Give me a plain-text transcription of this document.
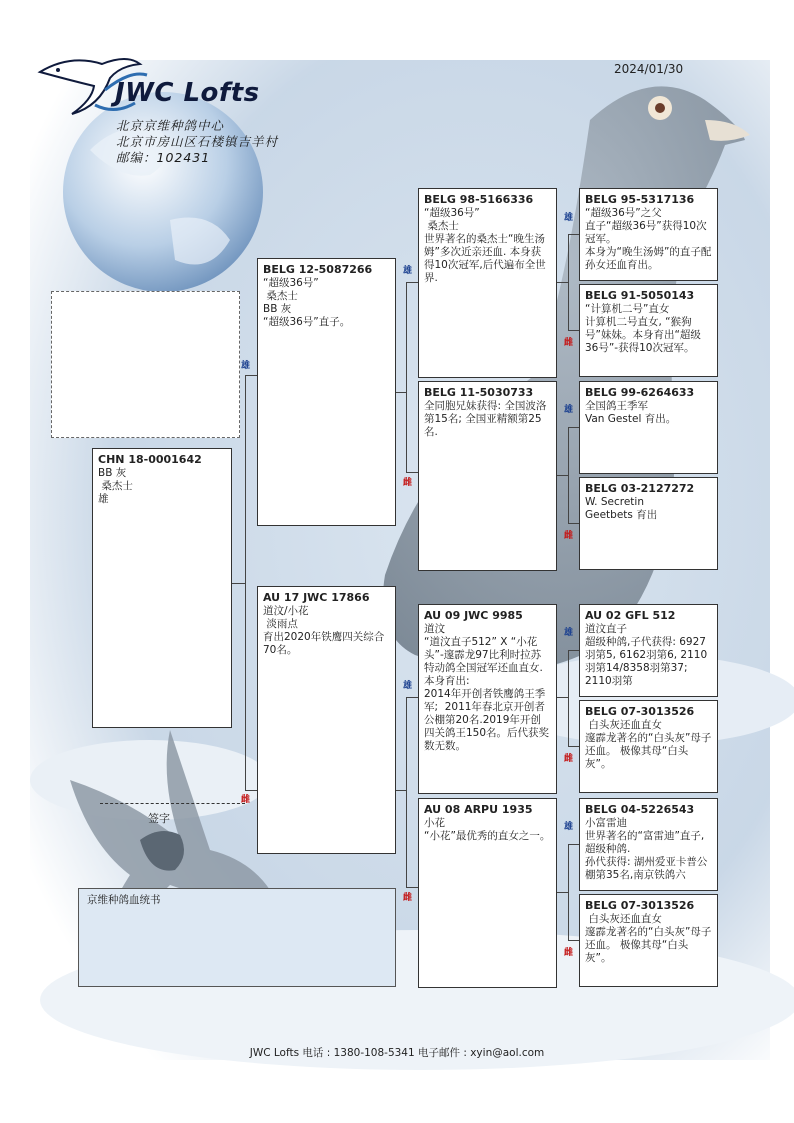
2024/01/30
JWC Lofts
北京京维种鸽中心
北京市房山区石楼镇吉羊村
邮编：102431
CHN 18-0001642
BB 灰
桑杰士
雄
BELG 12-5087266
“超级36号”
桑杰士
BB 灰
“超级36号”直子。
AU 17 JWC 17866
道汶/小花
淡雨点
育出2020年铁鹰四关综合70名。
BELG 98-5166336
“超级36号”
桑杰士
世界著名的桑杰士“晚生汤姆”多次近亲还血. 本身获得10次冠军,后代遍布全世界.
BELG 11-5030733
全同胞兄妹获得: 全国波洛第15名; 全国亚精额第25名.
AU 09 JWC 9985
道汶
“道汶直子512” X “小花头”-邃霹龙97比利时拉苏特动鸽全国冠军还血直女. 本身育出:
2014年开创者铁鹰鸽王季军;  2011年春北京开创者公棚第20名.2019年开创四关鸽王150名。后代获奖数无数。
AU 08 ARPU 1935
小花
“小花”最优秀的直女之一。
BELG 95-5317136
“超级36号”之父
直子“超级36号”获得10次冠军。
本身为“晚生汤姆”的直子配孙女还血育出。
BELG 91-5050143
“计算机二号”直女
计算机二号直女, “猴狗号”妹妹。本身育出“超级36号”-获得10次冠军。
BELG 99-6264633
全国鸽王季军
Van Gestel 育出。
BELG 03-2127272
W. Secretin
Geetbets 育出
AU 02 GFL 512
道汶直子
超级种鸽,子代获得: 6927羽第5, 6162羽第6, 2110羽第14/8358羽第37; 2110羽第
BELG 07-3013526
白头灰还血直女
邃霹龙著名的“白头灰”母子还血。 极像其母“白头灰”。
BELG 04-5226543
小富雷迪
世界著名的“富雷迪”直子, 超级种鸽.
孙代获得: 湖州爱亚卡普公棚第35名,南京铁鸽六
BELG 07-3013526
白头灰还血直女
邃霹龙著名的“白头灰”母子还血。 极像其母“白头灰”。
雄
雌
雄
雌
雄
雌
雄
雌
雄
雌
雄
雌
雄
雌
签字
京维种鸽血统书
JWC Lofts 电话 : 1380-108-5341 电子邮件 : xyin@aol.com
